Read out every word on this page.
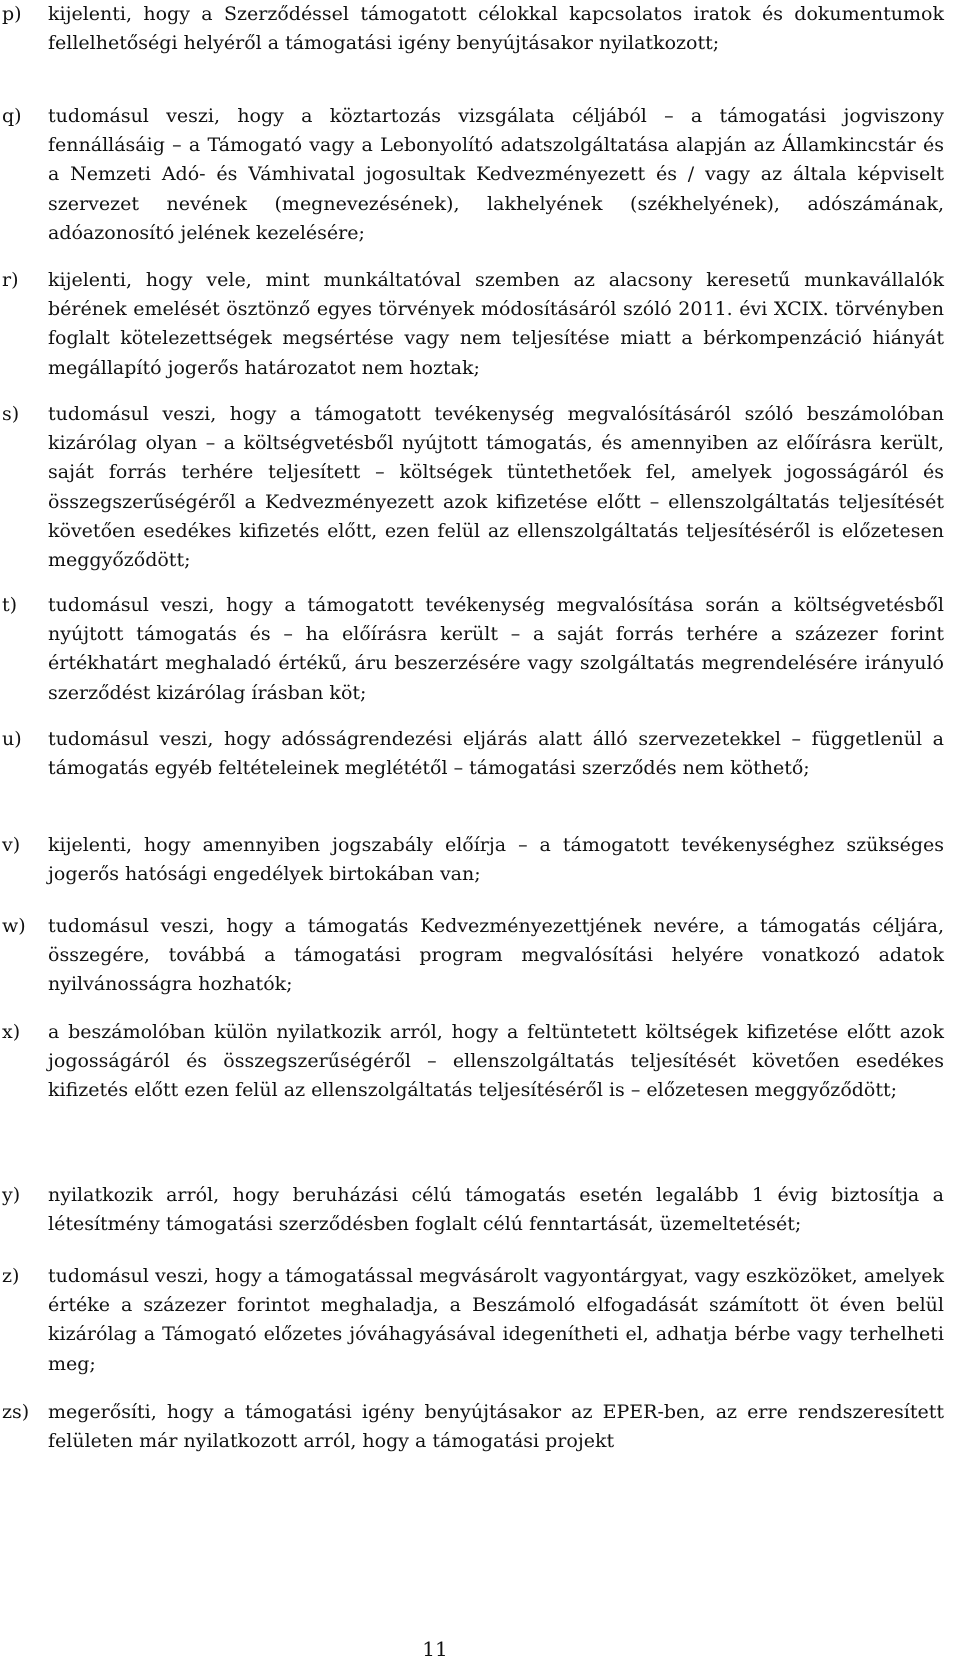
p) kijelenti, hogy a Szerződéssel támogatott célokkal kapcsolatos iratok és dokumentumok fellelhetőségi helyéről a támogatási igény benyújtásakor nyilatkozott;

q) tudomásul veszi, hogy a köztartozás vizsgálata céljából – a támogatási jogviszony fennállásáig – a Támogató vagy a Lebonyolító adatszolgáltatása alapján az Államkincstár és a Nemzeti Adó- és Vámhivatal jogosultak Kedvezményezett és / vagy az általa képviselt szervezet nevének (megnevezésének), lakhelyének (székhelyének), adószámának, adóazonosító jelének kezelésére;

r) kijelenti, hogy vele, mint munkáltatóval szemben az alacsony keresetű munkavállalók bérének emelését ösztönző egyes törvények módosításáról szóló 2011. évi XCIX. törvényben foglalt kötelezettségek megsértése vagy nem teljesítése miatt a bérkompenzáció hiányát megállapító jogerős határozatot nem hoztak;

s) tudomásul veszi, hogy a támogatott tevékenység megvalósításáról szóló beszámolóban kizárólag olyan – a költségvetésből nyújtott támogatás, és amennyiben az előírásra került, saját forrás terhére teljesített – költségek tüntethetőek fel, amelyek jogosságáról és összegszerűségéről a Kedvezményezett azok kifizetése előtt – ellenszolgáltatás teljesítését követően esedékes kifizetés előtt, ezen felül az ellenszolgáltatás teljesítéséről is előzetesen meggyőződött;

t) tudomásul veszi, hogy a támogatott tevékenység megvalósítása során a költségvetésből nyújtott támogatás és – ha előírásra került – a saját forrás terhére a százezer forint értékhatárt meghaladó értékű, áru beszerzésére vagy szolgáltatás megrendelésére irányuló szerződést kizárólag írásban köt;

u) tudomásul veszi, hogy adósságrendezési eljárás alatt álló szervezetekkel – függetlenül a támogatás egyéb feltételeinek meglététől – támogatási szerződés nem köthető;

v) kijelenti, hogy amennyiben jogszabály előírja – a támogatott tevékenységhez szükséges jogerős hatósági engedélyek birtokában van;

w) tudomásul veszi, hogy a támogatás Kedvezményezettjének nevére, a támogatás céljára, összegére, továbbá a támogatási program megvalósítási helyére vonatkozó adatok nyilvánosságra hozhatók;

x) a beszámolóban külön nyilatkozik arról, hogy a feltüntetett költségek kifizetése előtt azok jogosságáról és összegszerűségéről – ellenszolgáltatás teljesítését követően esedékes kifizetés előtt ezen felül az ellenszolgáltatás teljesítéséről is – előzetesen meggyőződött;

y) nyilatkozik arról, hogy beruházási célú támogatás esetén legalább 1 évig biztosítja a létesítmény támogatási szerződésben foglalt célú fenntartását, üzemeltetését;

z) tudomásul veszi, hogy a támogatással megvásárolt vagyontárgyat, vagy eszközöket, amelyek értéke a százezer forintot meghaladja, a Beszámoló elfogadását számított öt éven belül kizárólag a Támogató előzetes jóváhagyásával idegenítheti el, adhatja bérbe vagy terhelheti meg;

zs) megerősíti, hogy a támogatási igény benyújtásakor az EPER-ben, az erre rendszeresített felületen már nyilatkozott arról, hogy a támogatási projekt

11
